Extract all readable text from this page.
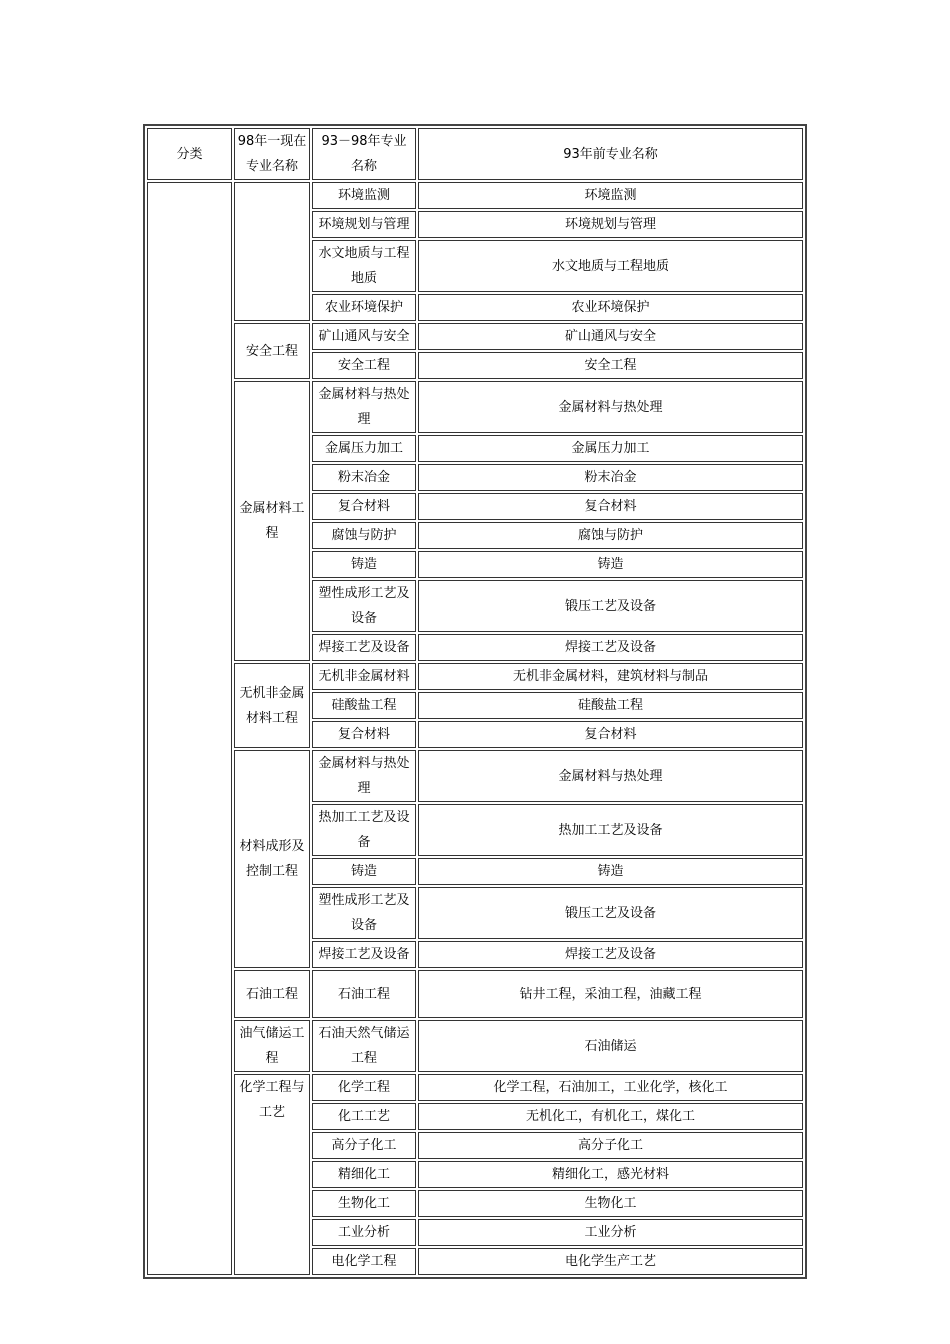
分类	98年一现在专业名称	93－98年专业名称	93年前专业名称
		环境监测	环境监测
		环境规划与管理	环境规划与管理
		水文地质与工程地质	水文地质与工程地质
		农业环境保护	农业环境保护
	安全工程	矿山通风与安全	矿山通风与安全
		安全工程	安全工程
	金属材料工程	金属材料与热处理	金属材料与热处理
		金属压力加工	金属压力加工
		粉末冶金	粉末冶金
		复合材料	复合材料
		腐蚀与防护	腐蚀与防护
		铸造	铸造
		塑性成形工艺及设备	锻压工艺及设备
		焊接工艺及设备	焊接工艺及设备
	无机非金属材料工程	无机非金属材料	无机非金属材料，建筑材料与制品
		硅酸盐工程	硅酸盐工程
		复合材料	复合材料
	材料成形及控制工程	金属材料与热处理	金属材料与热处理
		热加工工艺及设备	热加工工艺及设备
		铸造	铸造
		塑性成形工艺及设备	锻压工艺及设备
		焊接工艺及设备	焊接工艺及设备
	石油工程	石油工程	钻井工程，采油工程，油藏工程
	油气储运工程	石油天然气储运工程	石油储运
	化学工程与工艺	化学工程	化学工程，石油加工，工业化学，核化工
		化工工艺	无机化工，有机化工，煤化工
		高分子化工	高分子化工
		精细化工	精细化工，感光材料
		生物化工	生物化工
		工业分析	工业分析
		电化学工程	电化学生产工艺
